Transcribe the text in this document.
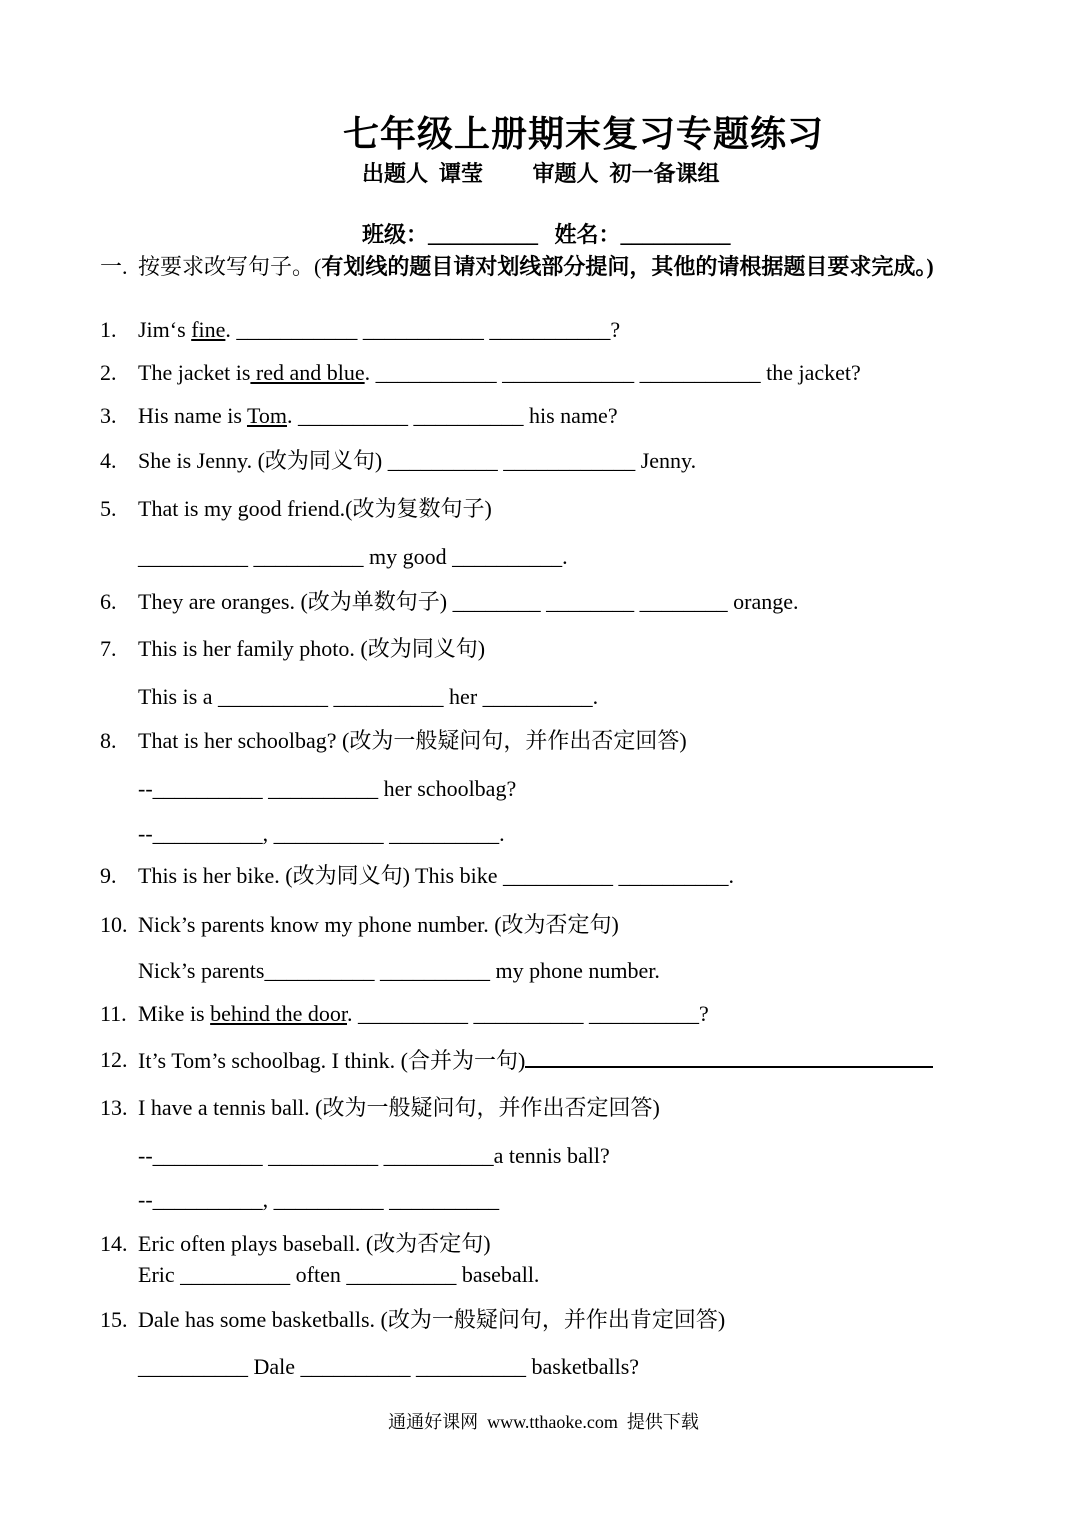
七年级上册期末复习专题练习
出题人  谭莹         审题人  初一备课组
班级：__________   姓名：__________
一. 按要求改写句子。(有划线的题目请对划线部分提问，其他的请根据题目要求完成。)
1. Jim‘s fine. ___________ ___________ ___________?
2. The jacket is red and blue. ___________ ____________ ___________ the jacket?
3. His name is Tom. __________ __________ his name?
4. She is Jenny. (改为同义句) __________ ____________ Jenny.
5. That is my good friend.(改为复数句子)
__________ __________ my good __________.
6. They are oranges. (改为单数句子) ________ ________ ________ orange.
7. This is her family photo. (改为同义句)
This is a __________ __________ her __________.
8. That is her schoolbag? (改为一般疑问句，并作出否定回答)
--__________ __________ her schoolbag?
--__________, __________ __________.
9. This is her bike. (改为同义句) This bike __________ __________.
10. Nick’s parents know my phone number. (改为否定句)
Nick’s parents__________ __________ my phone number.
11. Mike is behind the door. __________ __________ __________?
12. It’s Tom’s schoolbag. I think. (合并为一句)
13. I have a tennis ball. (改为一般疑问句，并作出否定回答)
--__________ __________ __________a tennis ball?
--__________, __________ __________
14. Eric often plays baseball. (改为否定句)
Eric __________ often __________ baseball.
15. Dale has some basketballs. (改为一般疑问句，并作出肯定回答)
__________ Dale __________ __________ basketballs?
通通好课网  www.tthaoke.com  提供下载
